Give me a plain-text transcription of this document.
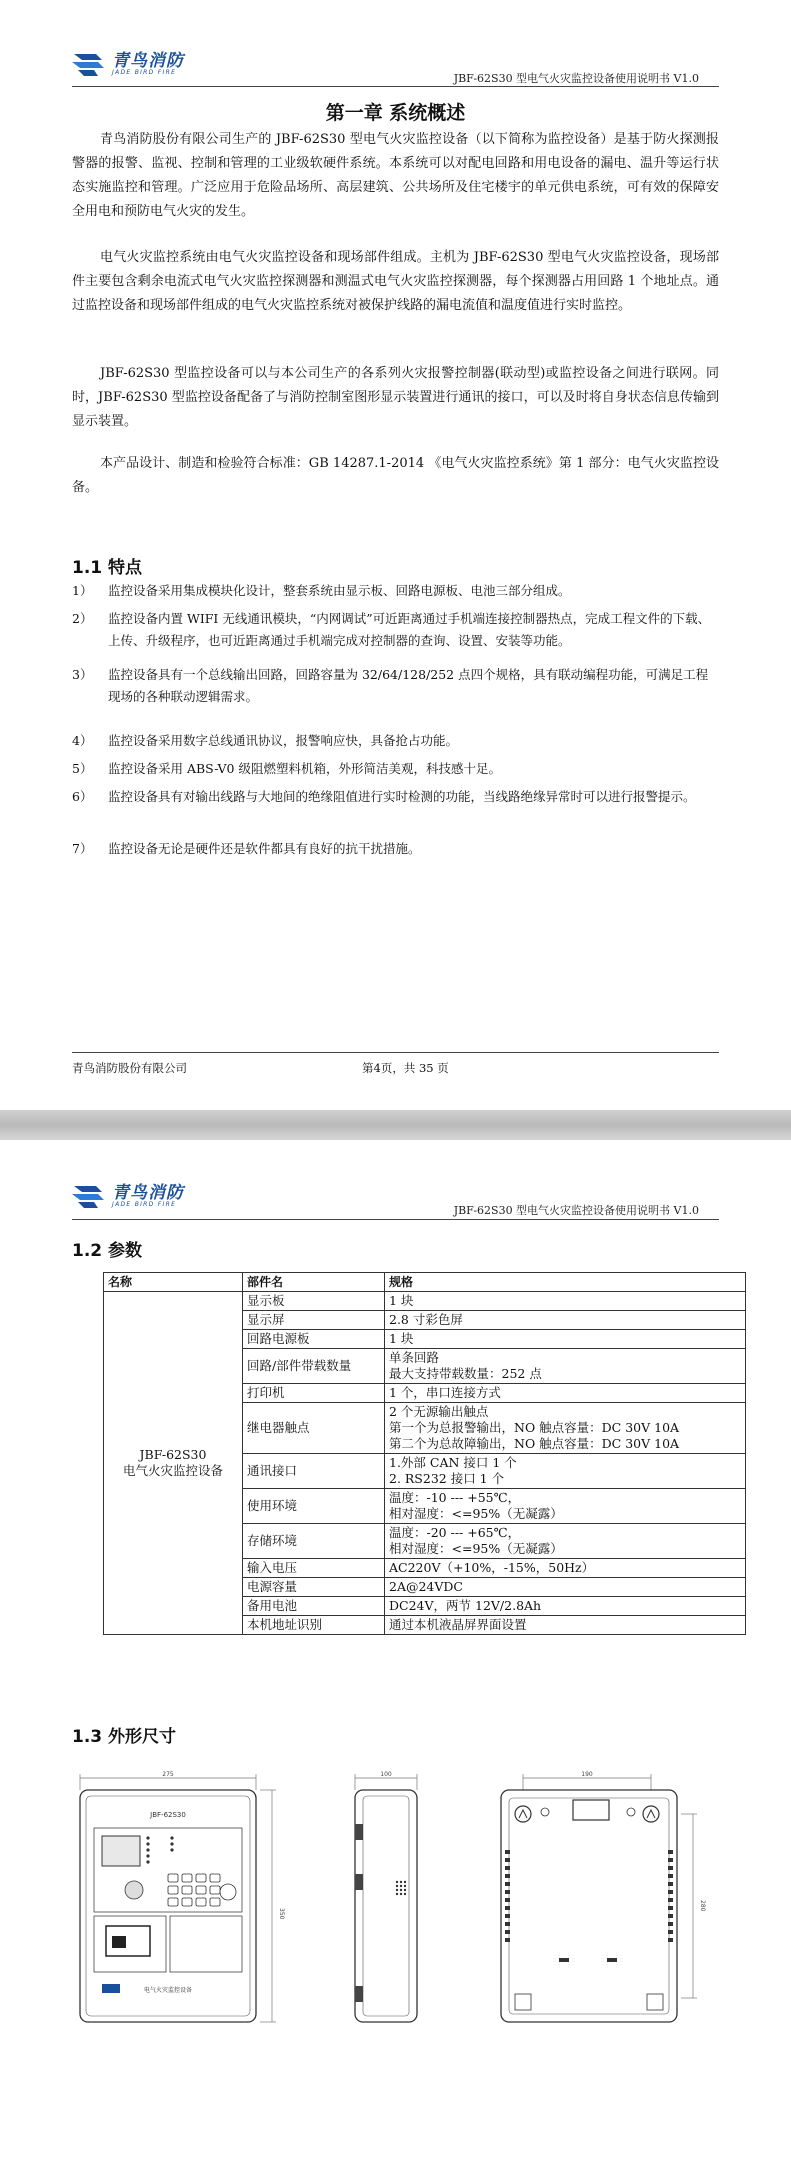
青鸟消防
JADE BIRD FIRE	JBF-62S30 型电气火灾监控设备使用说明书 V1.0
第一章 系统概述
青鸟消防股份有限公司生产的 JBF-62S30 型电气火灾监控设备（以下简称为监控设备）是基于防火探测报警器的报警、监视、控制和管理的工业级软硬件系统。本系统可以对配电回路和用电设备的漏电、温升等运行状态实施监控和管理。广泛应用于危险品场所、高层建筑、公共场所及住宅楼宇的单元供电系统，可有效的保障安全用电和预防电气火灾的发生。
电气火灾监控系统由电气火灾监控设备和现场部件组成。主机为 JBF-62S30 型电气火灾监控设备，现场部件主要包含剩余电流式电气火灾监控探测器和测温式电气火灾监控探测器，每个探测器占用回路 1 个地址点。通过监控设备和现场部件组成的电气火灾监控系统对被保护线路的漏电流值和温度值进行实时监控。
JBF-62S30 型监控设备可以与本公司生产的各系列火灾报警控制器(联动型)或监控设备之间进行联网。同时，JBF-62S30 型监控设备配备了与消防控制室图形显示装置进行通讯的接口，可以及时将自身状态信息传输到显示装置。
本产品设计、制造和检验符合标准：GB 14287.1-2014 《电气火灾监控系统》第 1 部分：电气火灾监控设备。
1.1 特点
1）	监控设备采用集成模块化设计，整套系统由显示板、回路电源板、电池三部分组成。
2）	监控设备内置 WIFI 无线通讯模块，“内网调试”可近距离通过手机端连接控制器热点，完成工程文件的下载、上传、升级程序，也可近距离通过手机端完成对控制器的查询、设置、安装等功能。
3）	监控设备具有一个总线输出回路，回路容量为 32/64/128/252 点四个规格，具有联动编程功能，可满足工程现场的各种联动逻辑需求。
4）	监控设备采用数字总线通讯协议，报警响应快，具备抢占功能。
5）	监控设备采用 ABS-V0 级阻燃塑料机箱，外形简洁美观，科技感十足。
6）	监控设备具有对输出线路与大地间的绝缘阻值进行实时检测的功能，当线路绝缘异常时可以进行报警提示。
7）	监控设备无论是硬件还是软件都具有良好的抗干扰措施。
青鸟消防股份有限公司	第4页，共 35 页
青鸟消防
JADE BIRD FIRE	JBF-62S30 型电气火灾监控设备使用说明书 V1.0
1.2 参数
名称	部件名	规格

JBF-62S30
电气火灾监控设备	显示板	1 块
	显示屏	2.8 寸彩色屏
	回路电源板	1 块
	回路/部件带载数量	单条回路
最大支持带载数量：252 点

	打印机	1 个，串口连接方式
	继电器触点	2 个无源输出触点
第一个为总报警输出，NO 触点容量：DC 30V 10A
第二个为总故障输出，NO 触点容量：DC 30V 10A

	通讯接口	1.外部 CAN 接口 1 个
2. RS232 接口 1 个

	使用环境	温度：-10 --- +55℃，
相对湿度：<=95%（无凝露）

	存储环境	温度：-20 --- +65℃，
相对湿度：<=95%（无凝露）

	输入电压	AC220V（+10%，-15%，50Hz）
	电源容量	2A@24VDC
	备用电池	DC24V，两节 12V/2.8Ah
	本机地址识别	通过本机液晶屏界面设置
1.3 外形尺寸
275
JBF-62S30
电气火灾监控设备
350
100	190
280
